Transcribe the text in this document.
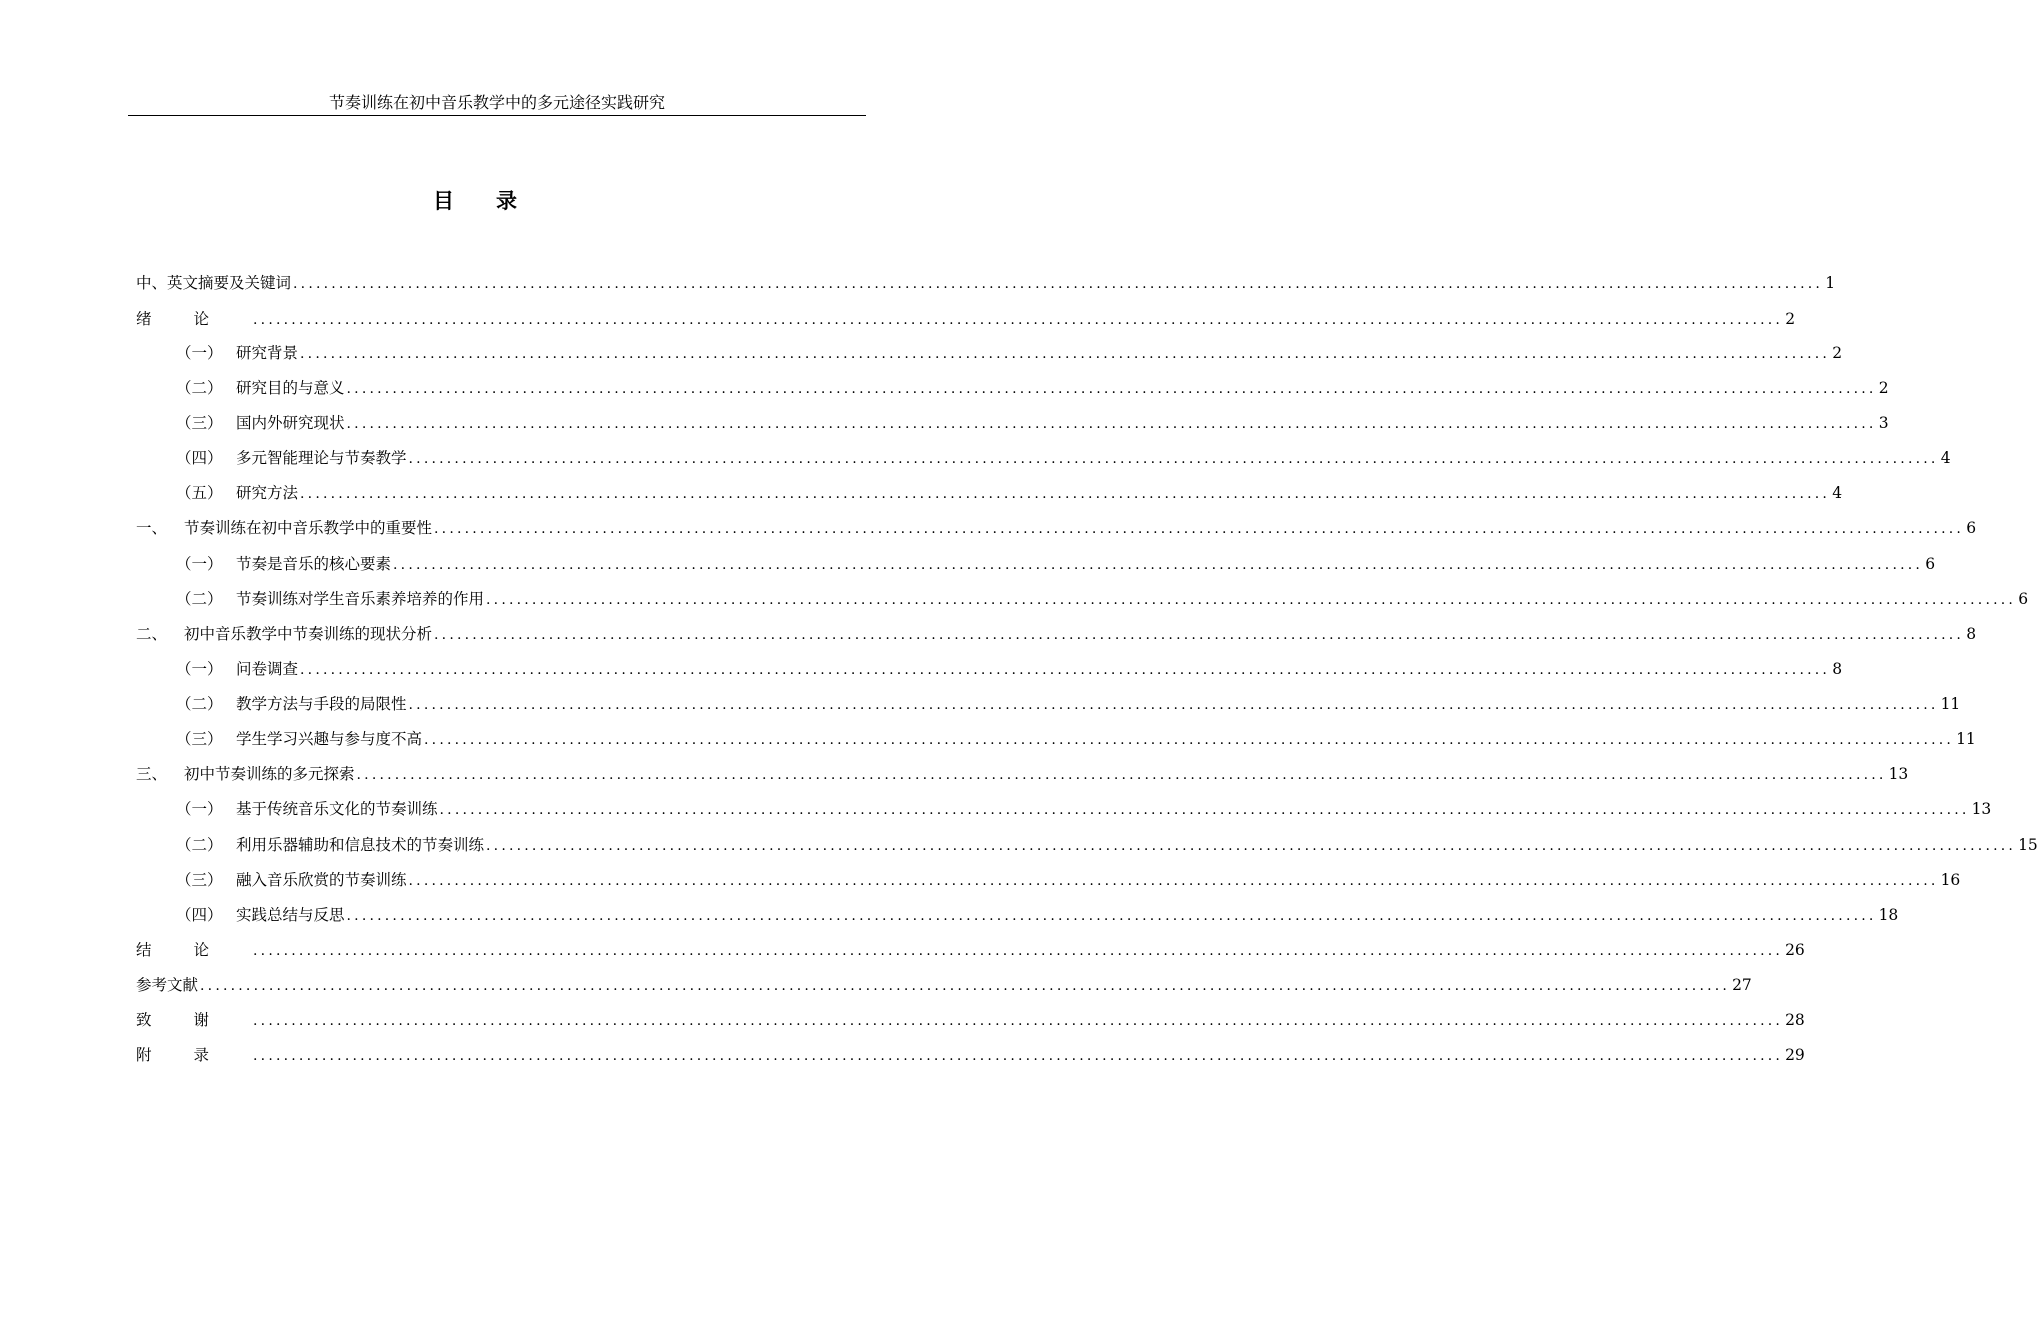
节奏训练在初中音乐教学中的多元途径实践研究
目录
中、英文摘要及关键词 ........................................................................................................................................................................................................ 1
绪论 ........................................................................................................................................................................................................ 2
（一） 研究背景 ........................................................................................................................................................................................................ 2
（二） 研究目的与意义 ........................................................................................................................................................................................................ 2
（三） 国内外研究现状 ........................................................................................................................................................................................................ 3
（四） 多元智能理论与节奏教学 ........................................................................................................................................................................................................ 4
（五） 研究方法 ........................................................................................................................................................................................................ 4
一、 节奏训练在初中音乐教学中的重要性 ........................................................................................................................................................................................................ 6
（一） 节奏是音乐的核心要素 ........................................................................................................................................................................................................ 6
（二） 节奏训练对学生音乐素养培养的作用 ........................................................................................................................................................................................................ 6
二、 初中音乐教学中节奏训练的现状分析 ........................................................................................................................................................................................................ 8
（一） 问卷调查 ........................................................................................................................................................................................................ 8
（二） 教学方法与手段的局限性 ........................................................................................................................................................................................................ 11
（三） 学生学习兴趣与参与度不高 ........................................................................................................................................................................................................ 11
三、 初中节奏训练的多元探索 ........................................................................................................................................................................................................ 13
（一） 基于传统音乐文化的节奏训练 ........................................................................................................................................................................................................ 13
（二） 利用乐器辅助和信息技术的节奏训练 ........................................................................................................................................................................................................ 15
（三） 融入音乐欣赏的节奏训练 ........................................................................................................................................................................................................ 16
（四） 实践总结与反思 ........................................................................................................................................................................................................ 18
结论 ........................................................................................................................................................................................................ 26
参考文献 ........................................................................................................................................................................................................ 27
致谢 ........................................................................................................................................................................................................ 28
附录 ........................................................................................................................................................................................................ 29
